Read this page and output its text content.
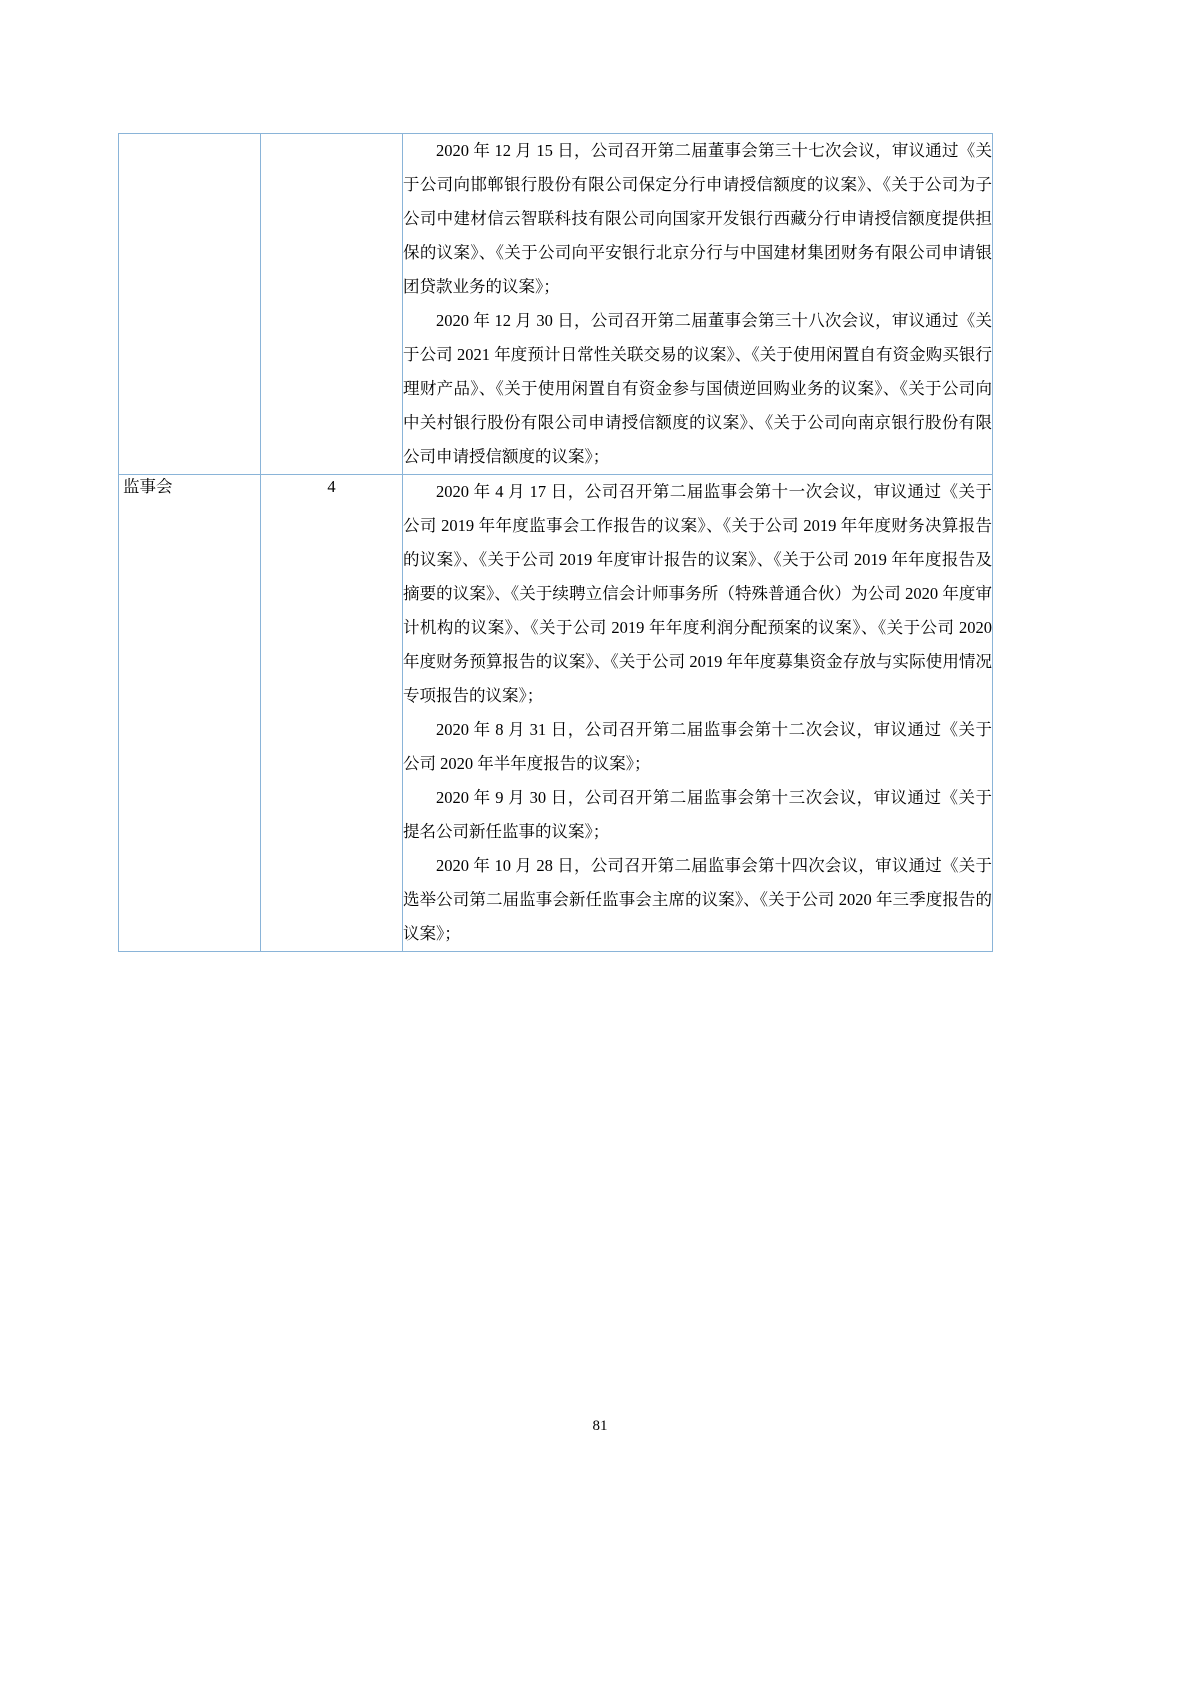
		2020 年 12 月 15 日，公司召开第二届董事会第三十七次会议，审议通过《关于公司向邯郸银行股份有限公司保定分行申请授信额度的议案》、《关于公司为子公司中建材信云智联科技有限公司向国家开发银行西藏分行申请授信额度提供担保的议案》、《关于公司向平安银行北京分行与中国建材集团财务有限公司申请银团贷款业务的议案》；

2020 年 12 月 30 日，公司召开第二届董事会第三十八次会议，审议通过《关于公司 2021 年度预计日常性关联交易的议案》、《关于使用闲置自有资金购买银行理财产品》、《关于使用闲置自有资金参与国债逆回购业务的议案》、《关于公司向中关村银行股份有限公司申请授信额度的议案》、《关于公司向南京银行股份有限公司申请授信额度的议案》；

监事会	4	2020 年 4 月 17 日，公司召开第二届监事会第十一次会议，审议通过《关于公司 2019 年年度监事会工作报告的议案》、《关于公司 2019 年年度财务决算报告的议案》、《关于公司 2019 年度审计报告的议案》、《关于公司 2019 年年度报告及摘要的议案》、《关于续聘立信会计师事务所（特殊普通合伙）为公司 2020 年度审计机构的议案》、《关于公司 2019 年年度利润分配预案的议案》、《关于公司 2020 年度财务预算报告的议案》、《关于公司 2019 年年度募集资金存放与实际使用情况专项报告的议案》；

2020 年 8 月 31 日，公司召开第二届监事会第十二次会议，审议通过《关于公司 2020 年半年度报告的议案》；

2020 年 9 月 30 日，公司召开第二届监事会第十三次会议，审议通过《关于提名公司新任监事的议案》；

2020 年 10 月 28 日，公司召开第二届监事会第十四次会议，审议通过《关于选举公司第二届监事会新任监事会主席的议案》、《关于公司 2020 年三季度报告的议案》；

81
